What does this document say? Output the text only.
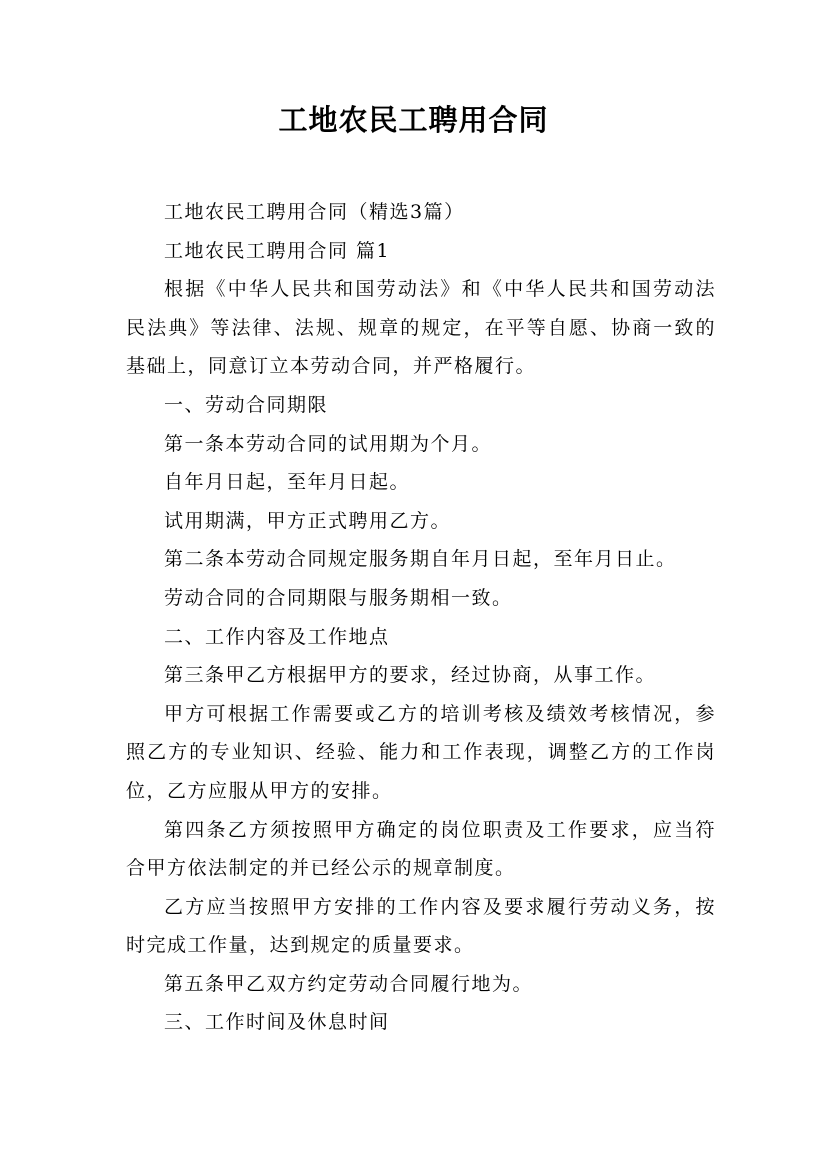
工地农民工聘用合同

工地农民工聘用合同（精选3篇）

工地农民工聘用合同 篇1

根据《中华人民共和国劳动法》和《中华人民共和国劳动法民法典》等法律、法规、规章的规定，在平等自愿、协商一致的基础上，同意订立本劳动合同，并严格履行。

一、劳动合同期限

第一条本劳动合同的试用期为个月。

自年月日起，至年月日起。

试用期满，甲方正式聘用乙方。

第二条本劳动合同规定服务期自年月日起，至年月日止。

劳动合同的合同期限与服务期相一致。

二、工作内容及工作地点

第三条甲乙方根据甲方的要求，经过协商，从事工作。

甲方可根据工作需要或乙方的培训考核及绩效考核情况，参照乙方的专业知识、经验、能力和工作表现，调整乙方的工作岗位，乙方应服从甲方的安排。

第四条乙方须按照甲方确定的岗位职责及工作要求，应当符合甲方依法制定的并已经公示的规章制度。

乙方应当按照甲方安排的工作内容及要求履行劳动义务，按时完成工作量，达到规定的质量要求。

第五条甲乙双方约定劳动合同履行地为。

三、工作时间及休息时间
